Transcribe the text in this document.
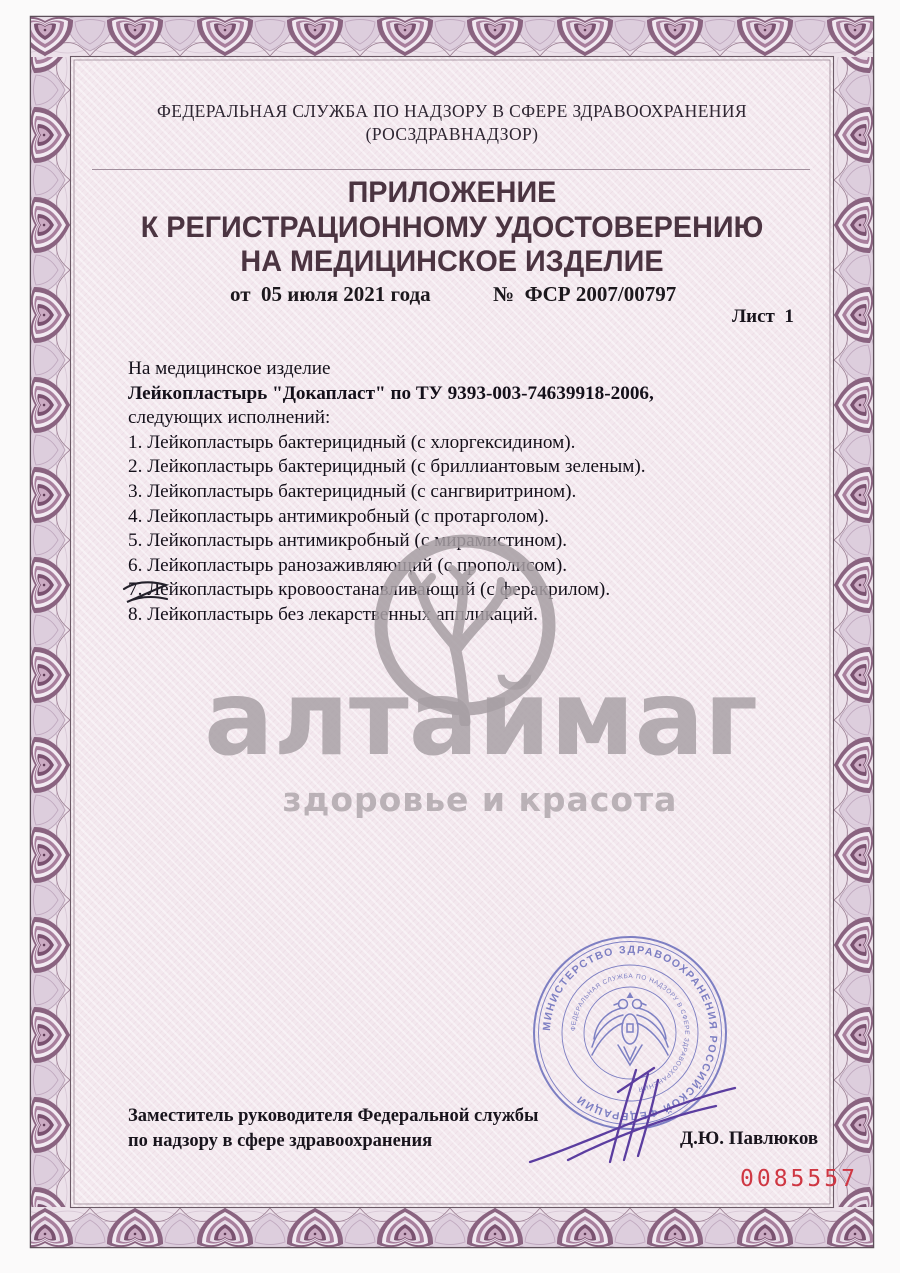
ФЕДЕРАЛЬНАЯ СЛУЖБА ПО НАДЗОРУ В СФЕРЕ ЗДРАВООХРАНЕНИЯ
(РОСЗДРАВНАДЗОР)
ПРИЛОЖЕНИЕ
К РЕГИСТРАЦИОННОМУ УДОСТОВЕРЕНИЮ
НА МЕДИЦИНСКОЕ ИЗДЕЛИЕ
от  05 июля 2021 года	№  ФСР 2007/00797
Лист  1
На медицинское изделие
Лейкопластырь "Докапласт" по ТУ 9393-003-74639918-2006,
следующих исполнений:
1. Лейкопластырь бактерицидный (с хлоргексидином).
2. Лейкопластырь бактерицидный (с бриллиантовым зеленым).
3. Лейкопластырь бактерицидный (с сангвиритрином).
4. Лейкопластырь антимикробный (с протарголом).
5. Лейкопластырь антимикробный (с мирамистином).
6. Лейкопластырь ранозаживляющий (с прополисом).
7. Лейкопластырь кровоостанавливающий (с феракрилом).
8. Лейкопластырь без лекарственных аппликаций.
алтаймаг
здоровье и красота
МИНИСТЕРСТВО ЗДРАВООХРАНЕНИЯ РОССИЙСКОЙ ФЕДЕРАЦИИ
ФЕДЕРАЛЬНАЯ СЛУЖБА ПО НАДЗОРУ В СФЕРЕ ЗДРАВООХРАНЕНИЯ
Заместитель руководителя Федеральной службы
по надзору в сфере здравоохранения	Д.Ю. Павлюков
0085557
